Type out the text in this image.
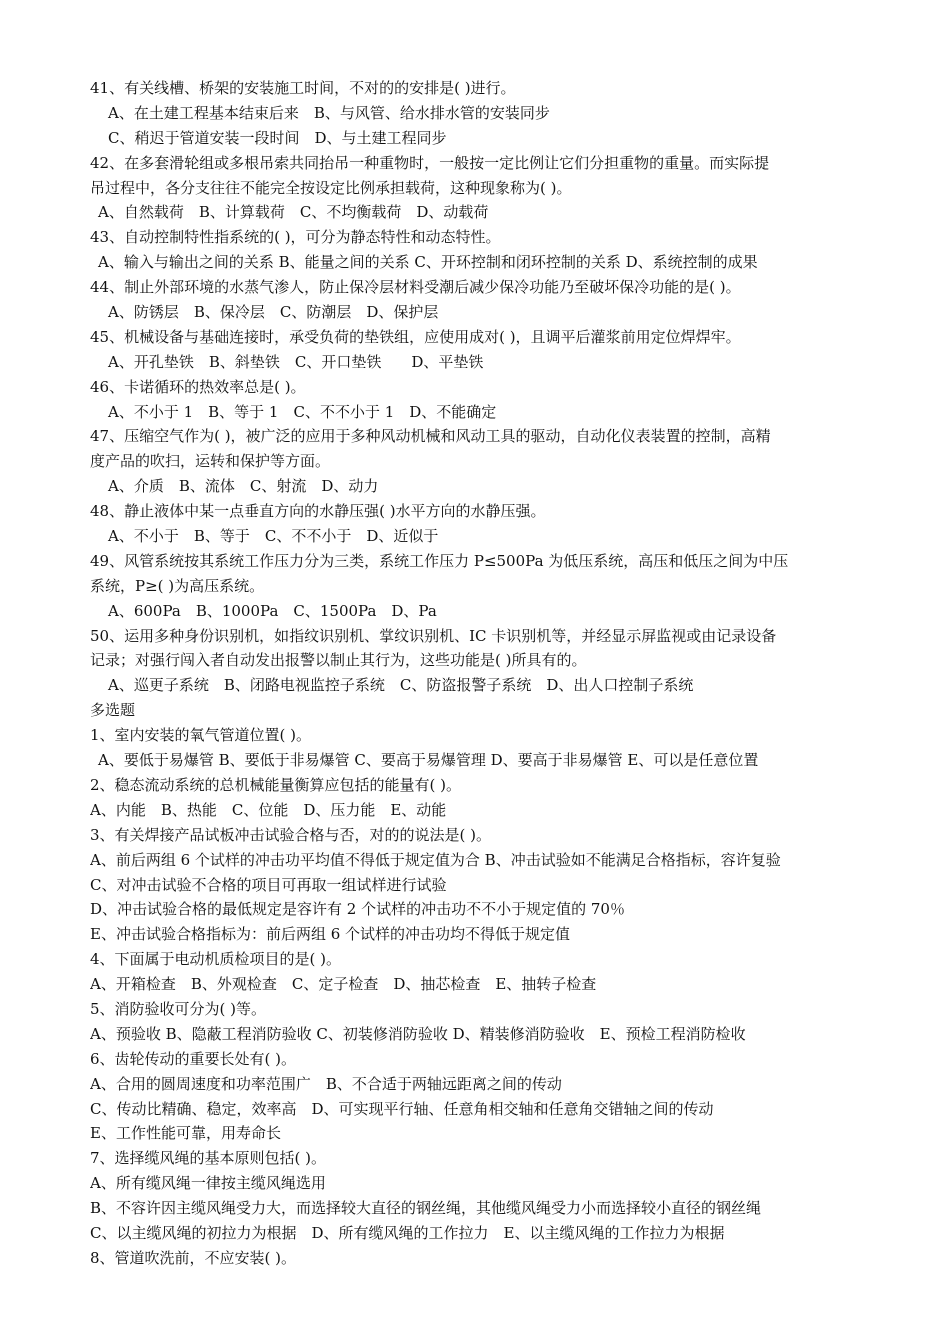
41、有关线槽、桥架的安装施工时间，不对的的安排是( )进行。
A、在土建工程基本结束后来　B、与风管、给水排水管的安装同步
C、稍迟于管道安装一段时间　D、与土建工程同步
42、在多套滑轮组或多根吊索共同抬吊一种重物时，一般按一定比例让它们分担重物的重量。而实际提
吊过程中，各分支往往不能完全按设定比例承担载荷，这种现象称为( )。
A、自然载荷　B、计算载荷　C、不均衡载荷　D、动载荷
43、自动控制特性指系统的( )，可分为静态特性和动态特性。
A、输入与输出之间的关系 B、能量之间的关系 C、开环控制和闭环控制的关系 D、系统控制的成果
44、制止外部环境的水蒸气渗人，防止保冷层材料受潮后减少保冷功能乃至破坏保冷功能的是( )。
A、防锈层　B、保冷层　C、防潮层　D、保护层
45、机械设备与基础连接时，承受负荷的垫铁组，应使用成对( )，且调平后灌浆前用定位焊焊牢。
A、开孔垫铁　B、斜垫铁　C、开口垫铁　　D、平垫铁
46、卡诺循环的热效率总是( )。
A、不小于 1　B、等于 1　C、不不小于 1　D、不能确定
47、压缩空气作为( )，被广泛的应用于多种风动机械和风动工具的驱动，自动化仪表装置的控制，高精
度产品的吹扫，运转和保护等方面。
A、介质　B、流体　C、射流　D、动力
48、静止液体中某一点垂直方向的水静压强( )水平方向的水静压强。
A、不小于　B、等于　C、不不小于　D、近似于
49、风管系统按其系统工作压力分为三类，系统工作压力 P≤500Pa 为低压系统，高压和低压之间为中压
系统，P≥( )为高压系统。
A、600Pa　B、1000Pa　C、1500Pa　D、Pa
50、运用多种身份识别机，如指纹识别机、掌纹识别机、IC 卡识别机等，并经显示屏监视或由记录设备
记录；对强行闯入者自动发出报警以制止其行为，这些功能是( )所具有的。
A、巡更子系统　B、闭路电视监控子系统　C、防盗报警子系统　D、出人口控制子系统
多选题
1、室内安装的氧气管道位置( )。
A、要低于易爆管 B、要低于非易爆管 C、要高于易爆管理 D、要高于非易爆管 E、可以是任意位置
2、稳态流动系统的总机械能量衡算应包括的能量有( )。
A、内能　B、热能　C、位能　D、压力能　E、动能
3、有关焊接产品试板冲击试验合格与否，对的的说法是( )。
A、前后两组 6 个试样的冲击功平均值不得低于规定值为合 B、冲击试验如不能满足合格指标，容许复验
C、对冲击试验不合格的项目可再取一组试样进行试验
D、冲击试验合格的最低规定是容许有 2 个试样的冲击功不不小于规定值的 70％
E、冲击试验合格指标为：前后两组 6 个试样的冲击功均不得低于规定值
4、下面属于电动机质检项目的是( )。
A、开箱检查　B、外观检查　C、定子检查　D、抽芯检查　E、抽转子检查
5、消防验收可分为( )等。
A、预验收 B、隐蔽工程消防验收 C、初装修消防验收 D、精装修消防验收　E、预检工程消防检收
6、齿轮传动的重要长处有( )。
A、合用的圆周速度和功率范围广　B、不合适于两轴远距离之间的传动
C、传动比精确、稳定，效率高　D、可实现平行轴、任意角相交轴和任意角交错轴之间的传动
E、工作性能可靠，用寿命长
7、选择缆风绳的基本原则包括( )。
A、所有缆风绳一律按主缆风绳选用
B、不容许因主缆风绳受力大，而选择较大直径的钢丝绳，其他缆风绳受力小而选择较小直径的钢丝绳
C、以主缆风绳的初拉力为根据　D、所有缆风绳的工作拉力　E、以主缆风绳的工作拉力为根据
8、管道吹洗前，不应安装( )。
